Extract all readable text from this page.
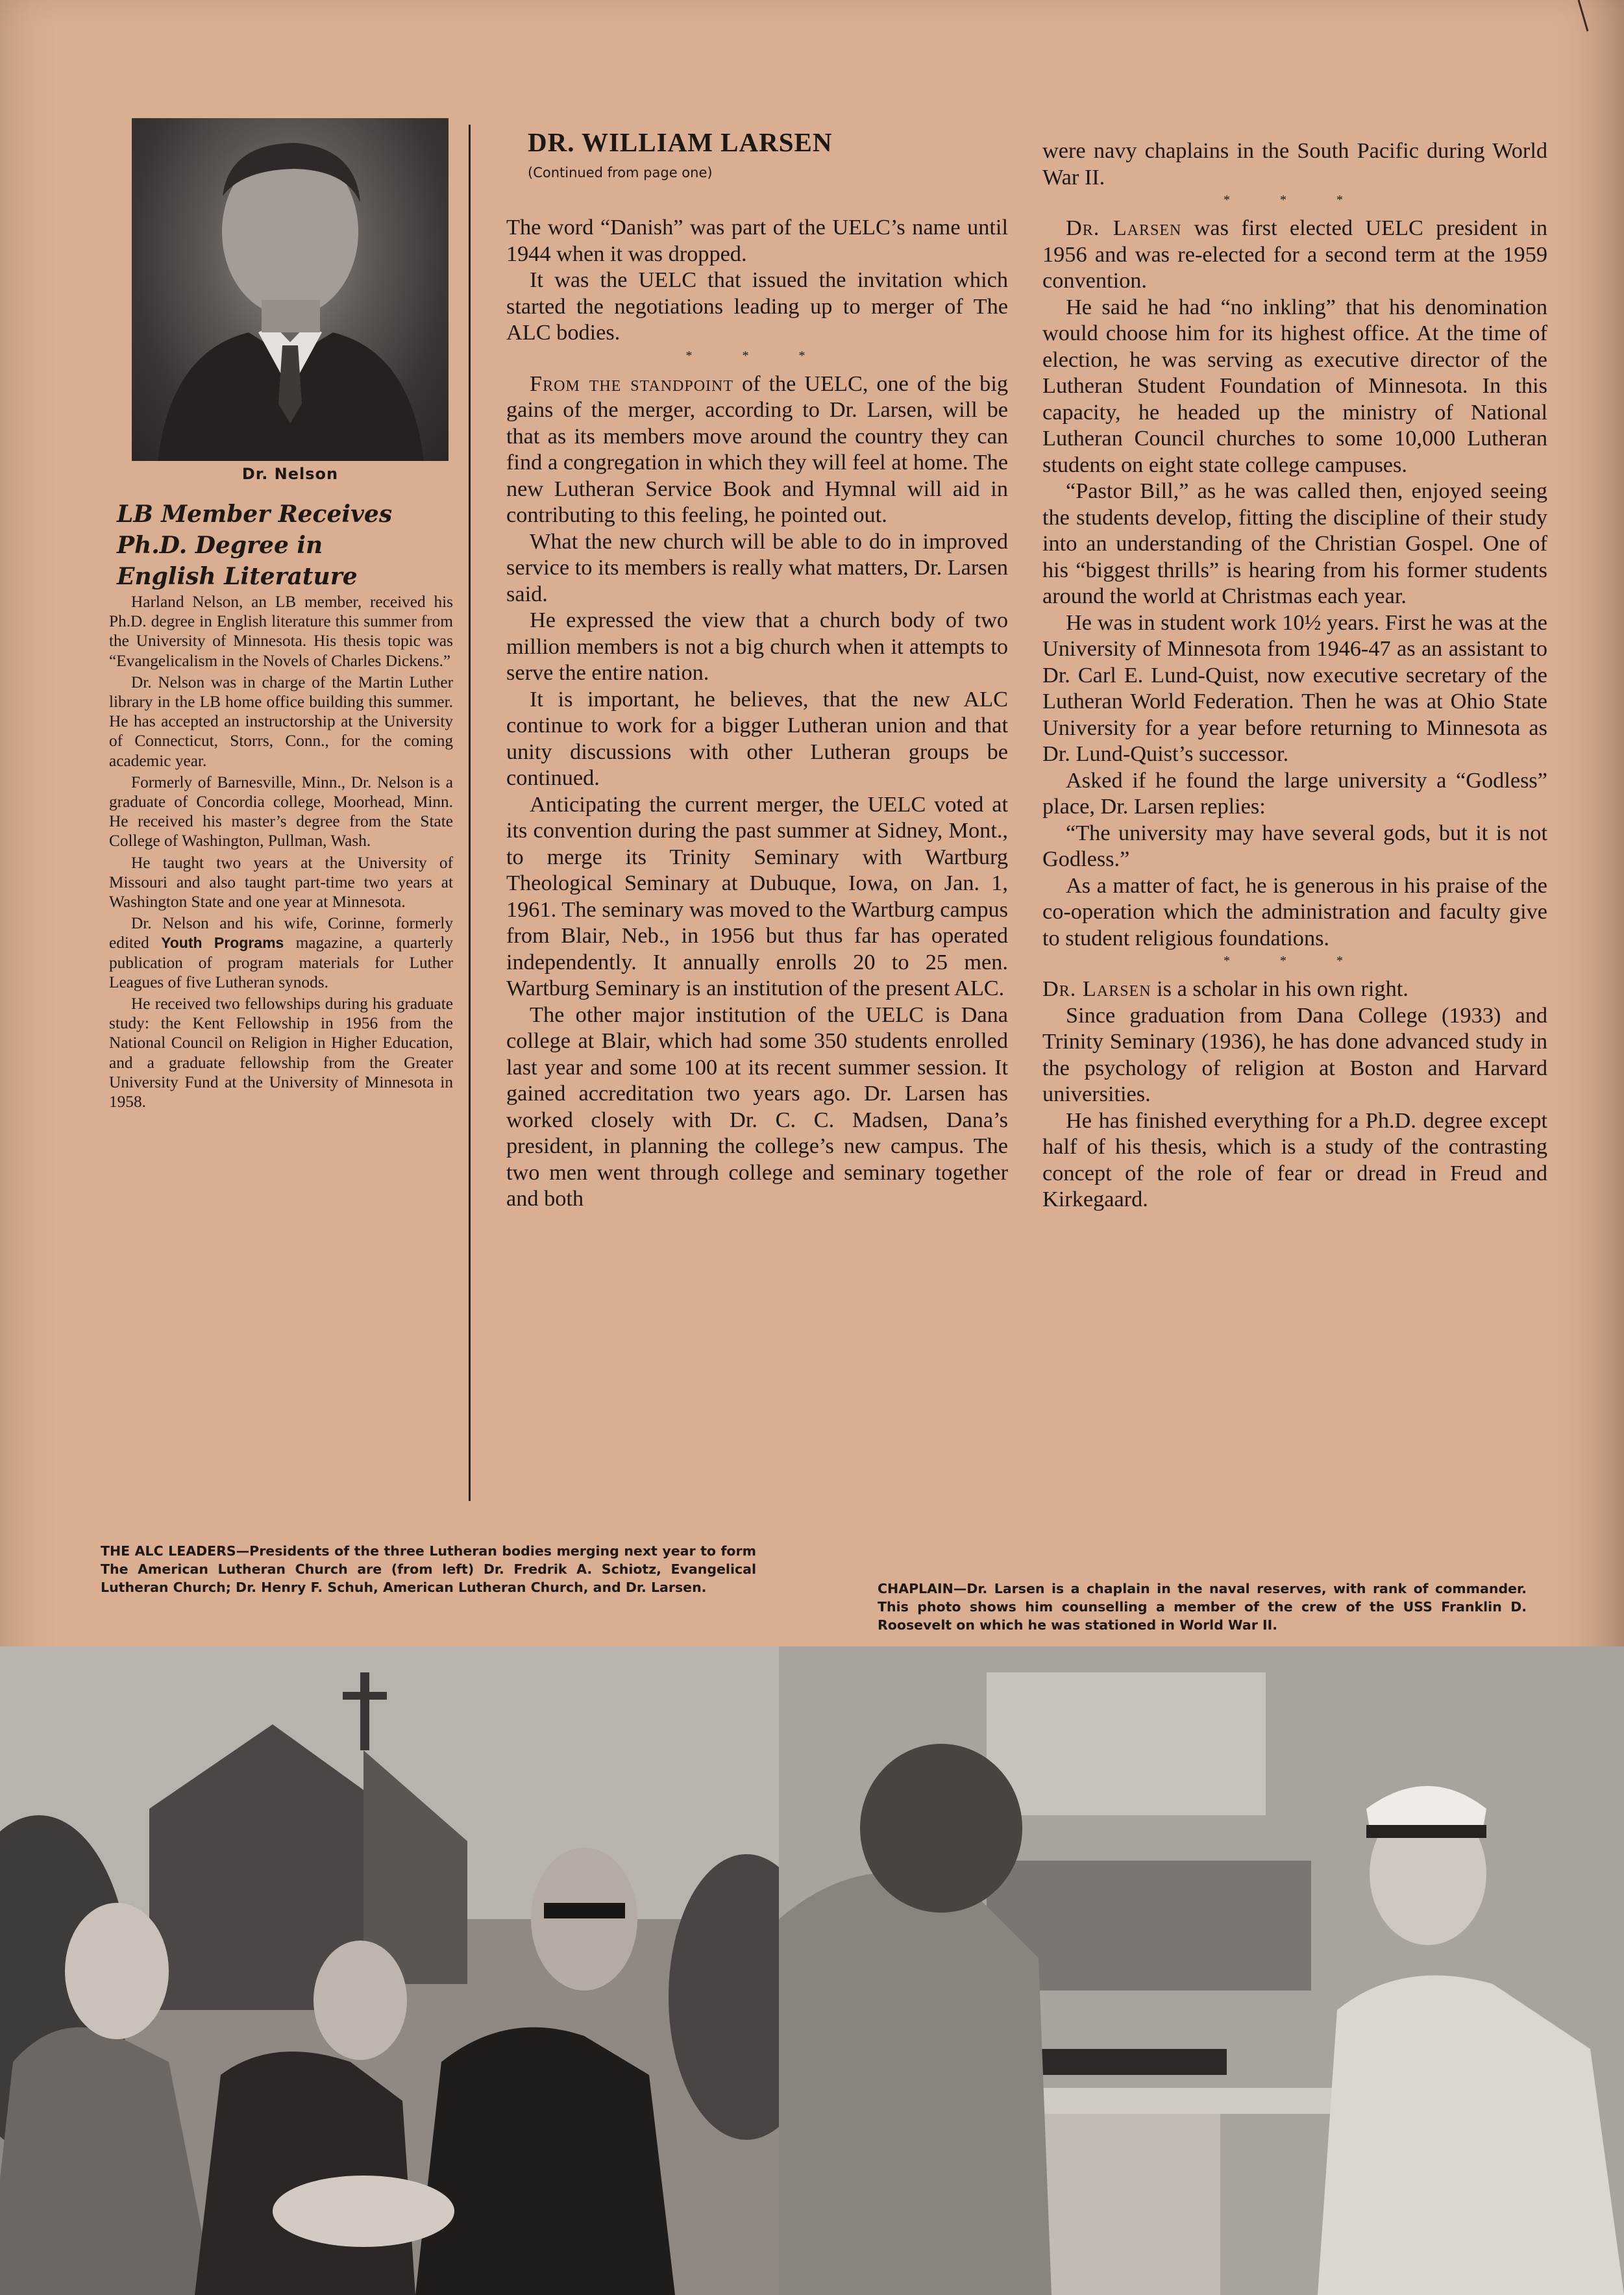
Dr. Nelson
LB Member Receives
Ph.D. Degree in
English Literature

Harland Nelson, an LB member, received his Ph.D. degree in English literature this summer from the University of Minnesota. His thesis topic was “Evangelicalism in the Novels of Charles Dickens.”

Dr. Nelson was in charge of the Martin Luther library in the LB home office building this summer. He has accepted an instructorship at the University of Connecticut, Storrs, Conn., for the coming academic year.

Formerly of Barnesville, Minn., Dr. Nelson is a graduate of Concordia college, Moorhead, Minn. He received his master’s degree from the State College of Washington, Pullman, Wash.

He taught two years at the University of Missouri and also taught part-time two years at Washington State and one year at Minnesota.

Dr. Nelson and his wife, Corinne, formerly edited Youth Programs magazine, a quarterly publication of program materials for Luther Leagues of five Lutheran synods.

He received two fellowships during his graduate study: the Kent Fellowship in 1956 from the National Council on Religion in Higher Education, and a graduate fellowship from the Greater University Fund at the University of Minnesota in 1958.

DR. WILLIAM LARSEN
(Continued from page one)

The word “Danish” was part of the UELC’s name until 1944 when it was dropped.

It was the UELC that issued the invitation which started the negotiations leading up to merger of The ALC bodies.

* * *

From the standpoint of the UELC, one of the big gains of the merger, according to Dr. Larsen, will be that as its members move around the country they can find a congregation in which they will feel at home. The new Lutheran Service Book and Hymnal will aid in contributing to this feeling, he pointed out.

What the new church will be able to do in improved service to its members is really what matters, Dr. Larsen said.

He expressed the view that a church body of two million members is not a big church when it attempts to serve the entire nation.

It is important, he believes, that the new ALC continue to work for a bigger Lutheran union and that unity discussions with other Lutheran groups be continued.

Anticipating the current merger, the UELC voted at its convention during the past summer at Sidney, Mont., to merge its Trinity Seminary with Wartburg Theological Seminary at Dubuque, Iowa, on Jan. 1, 1961. The seminary was moved to the Wartburg campus from Blair, Neb., in 1956 but thus far has operated independently. It annually enrolls 20 to 25 men. Wartburg Seminary is an institution of the present ALC.

The other major institution of the UELC is Dana college at Blair, which had some 350 students enrolled last year and some 100 at its recent summer session. It gained accreditation two years ago. Dr. Larsen has worked closely with Dr. C. C. Madsen, Dana’s president, in planning the college’s new campus. The two men went through college and seminary together and both

were navy chaplains in the South Pacific during World War II.

* * *

Dr. Larsen was first elected UELC president in 1956 and was re-elected for a second term at the 1959 convention.

He said he had “no inkling” that his denomination would choose him for its highest office. At the time of election, he was serving as executive director of the Lutheran Student Foundation of Minnesota. In this capacity, he headed up the ministry of National Lutheran Council churches to some 10,000 Lutheran students on eight state college campuses.

“Pastor Bill,” as he was called then, enjoyed seeing the students develop, fitting the discipline of their study into an understanding of the Christian Gospel. One of his “biggest thrills” is hearing from his former students around the world at Christmas each year.

He was in student work 10½ years. First he was at the University of Minnesota from 1946-47 as an assistant to Dr. Carl E. Lund-Quist, now executive secretary of the Lutheran World Federation. Then he was at Ohio State University for a year before returning to Minnesota as Dr. Lund-Quist’s successor.

Asked if he found the large university a “Godless” place, Dr. Larsen replies:

“The university may have several gods, but it is not Godless.”

As a matter of fact, he is generous in his praise of the co-operation which the administration and faculty give to student religious foundations.

* * *

Dr. Larsen is a scholar in his own right.

Since graduation from Dana College (1933) and Trinity Seminary (1936), he has done advanced study in the psychology of religion at Boston and Harvard universities.

He has finished everything for a Ph.D. degree except half of his thesis, which is a study of the contrasting concept of the role of fear or dread in Freud and Kirkegaard.

THE ALC LEADERS—Presidents of the three Lutheran bodies merging next year to form The American Lutheran Church are (from left) Dr. Fredrik A. Schiotz, Evangelical Lutheran Church; Dr. Henry F. Schuh, American Lutheran Church, and Dr. Larsen.	CHAPLAIN—Dr. Larsen is a chaplain in the naval reserves, with rank of commander. This photo shows him counselling a member of the crew of the USS Franklin D. Roosevelt on which he was stationed in World War II.
